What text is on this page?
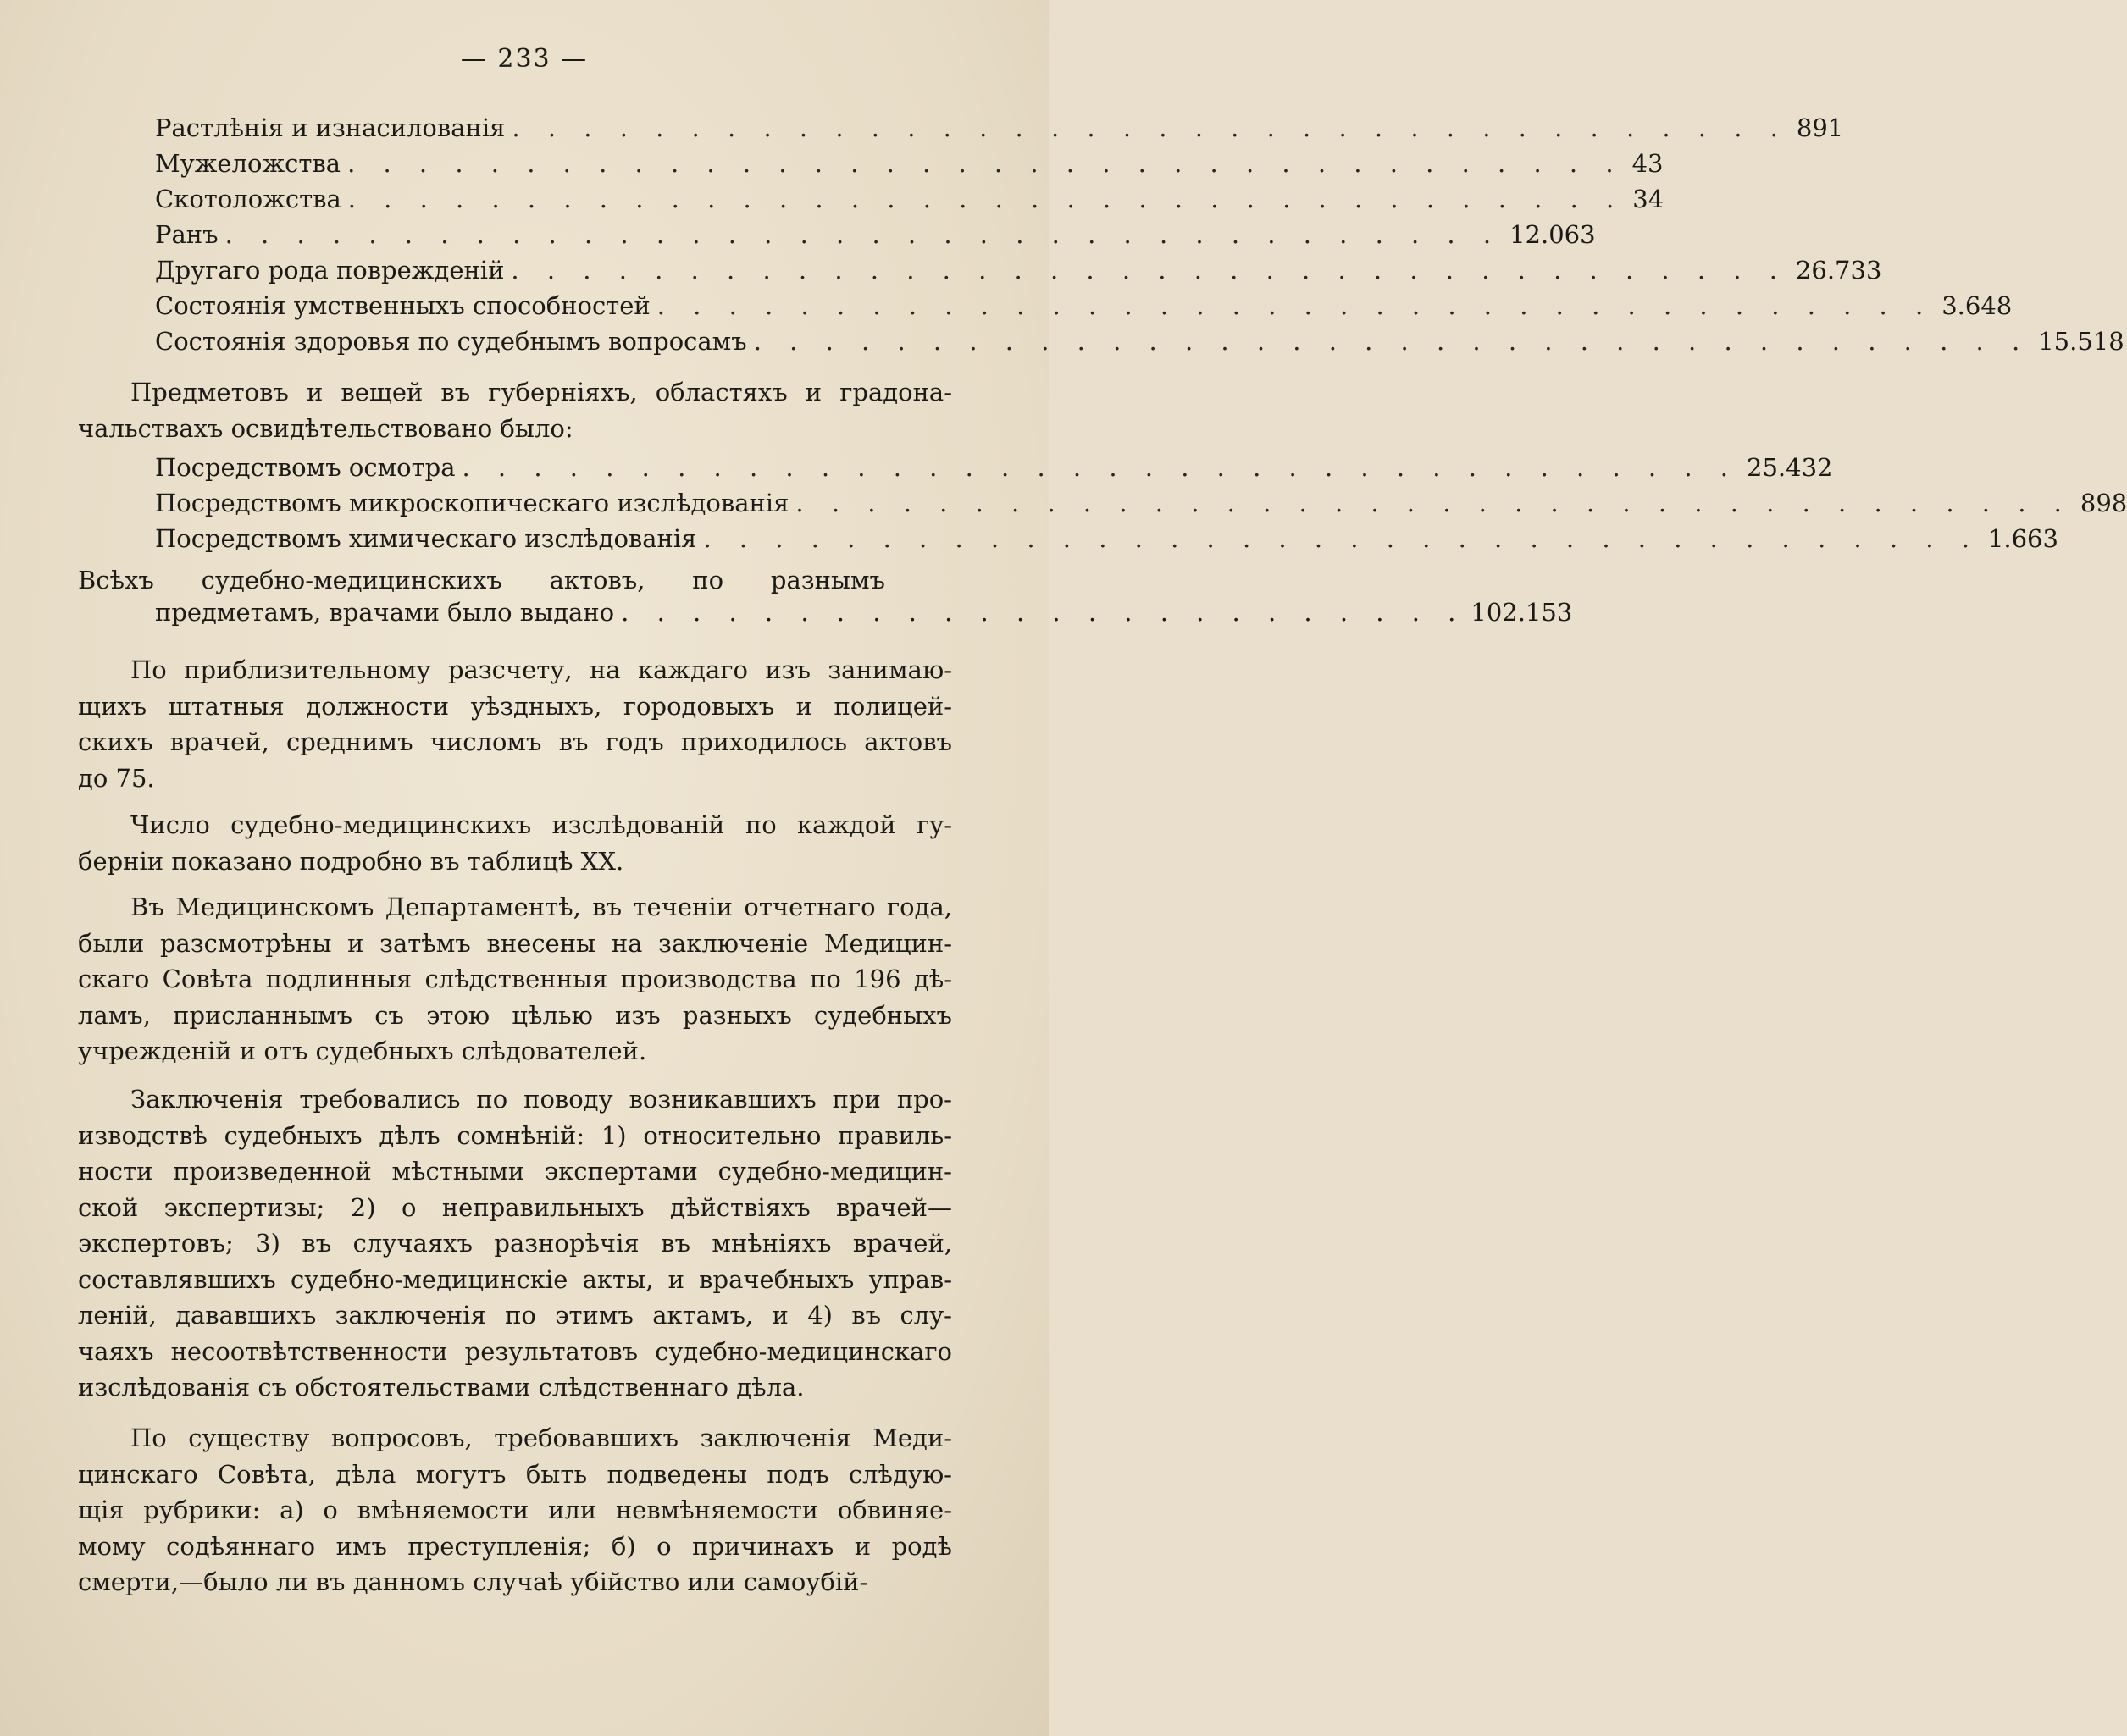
— 233 —
Растлѣнія и изнасилованія . . . . . . . . . . . . . . . . . . . . . . . . . . . . . . . . . . . . 891
Мужеложства . . . . . . . . . . . . . . . . . . . . . . . . . . . . . . . . . . . . 43
Скотоложства . . . . . . . . . . . . . . . . . . . . . . . . . . . . . . . . . . . . 34
Ранъ . . . . . . . . . . . . . . . . . . . . . . . . . . . . . . . . . . . . 12.063
Другаго рода поврежденій . . . . . . . . . . . . . . . . . . . . . . . . . . . . . . . . . . . . 26.733
Состоянія умственныхъ способностей . . . . . . . . . . . . . . . . . . . . . . . . . . . . . . . . . . . . 3.648
Состоянія здоровья по судебнымъ вопросамъ . . . . . . . . . . . . . . . . . . . . . . . . . . . . . . . . . . . . 15.518
Предметовъ и вещей въ губерніяхъ, областяхъ и градона-
чальствахъ освидѣтельствовано было:
Посредствомъ осмотра . . . . . . . . . . . . . . . . . . . . . . . . . . . . . . . . . . . . 25.432
Посредствомъ микроскопическаго изслѣдованія . . . . . . . . . . . . . . . . . . . . . . . . . . . . . . . . . . . . 898
Посредствомъ химическаго изслѣдованія . . . . . . . . . . . . . . . . . . . . . . . . . . . . . . . . . . . . 1.663
Всѣхъ судебно-медицинскихъ актовъ, по разнымъ
предметамъ, врачами было выдано . . . . . . . . . . . . . . . . . . . . . . . . 102.153
По приблизительному разсчету, на каждаго изъ занимаю-
щихъ штатныя должности уѣздныхъ, городовыхъ и полицей-
скихъ врачей, среднимъ числомъ въ годъ приходилось актовъ
до 75.
Число судебно-медицинскихъ изслѣдованій по каждой гу-
берніи показано подробно въ таблицѣ XX.
Въ Медицинскомъ Департаментѣ, въ теченіи отчетнаго года,
были разсмотрѣны и затѣмъ внесены на заключеніе Медицин-
скаго Совѣта подлинныя слѣдственныя производства по 196 дѣ-
ламъ, присланнымъ съ этою цѣлью изъ разныхъ судебныхъ
учрежденій и отъ судебныхъ слѣдователей.
Заключенія требовались по поводу возникавшихъ при про-
изводствѣ судебныхъ дѣлъ сомнѣній: 1) относительно правиль-
ности произведенной мѣстными экспертами судебно-медицин-
ской экспертизы; 2) о неправильныхъ дѣйствіяхъ врачей—
экспертовъ; 3) въ случаяхъ разнорѣчія въ мнѣніяхъ врачей,
составлявшихъ судебно-медицинскіе акты, и врачебныхъ управ-
леній, дававшихъ заключенія по этимъ актамъ, и 4) въ слу-
чаяхъ несоотвѣтственности результатовъ судебно-медицинскаго
изслѣдованія съ обстоятельствами слѣдственнаго дѣла.
По существу вопросовъ, требовавшихъ заключенія Меди-
цинскаго Совѣта, дѣла могутъ быть подведены подъ слѣдую-
щія рубрики: а) о вмѣняемости или невмѣняемости обвиняе-
мому содѣяннаго имъ преступленія; б) о причинахъ и родѣ
смерти,—было ли въ данномъ случаѣ убійство или самоубій-
